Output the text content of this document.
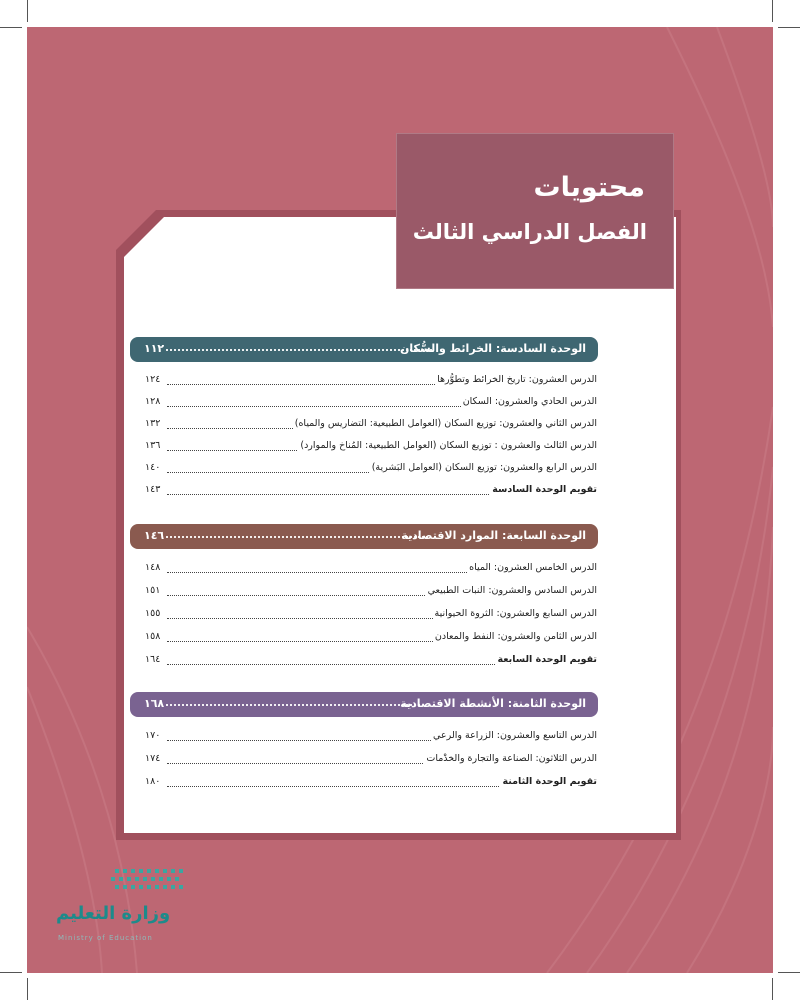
محتويات
الفصل الدراسي الثالث
١١٢	الوحدة السادسة: الخرائط والسُّكان
١٢٤	الدرس العشرون: تاريخ الخرائط وتطوُّرها
١٢٨	الدرس الحادي والعشرون: السكان
١٣٢	الدرس الثاني والعشرون: توزيع السكان (العوامل الطبيعية: التضاريس والمياه)
١٣٦	الدرس الثالث والعشرون : توزيع السكان (العوامل الطبيعية: المُناخ والموارد)
١٤٠	الدرس الرابع والعشرون: توزيع السكان (العوامل البَشرية)
١٤٣	تقويم الوحدة السادسة
١٤٦	الوحدة السابعة: الموارد الاقتصادية
١٤٨	الدرس الخامس العشرون: المياه
١٥١	الدرس السادس والعشرون: النبات الطبيعي
١٥٥	الدرس السابع والعشرون: الثروة الحيوانية
١٥٨	الدرس الثامن والعشرون: النفط والمعادن
١٦٤	تقويم الوحدة السابعة
١٦٨	الوحدة الثامنة: الأنشطة الاقتصادية
١٧٠	الدرس التاسع والعشرون: الزراعة والرعي
١٧٤	الدرس الثلاثون: الصناعة والتجارة والخدْمات
١٨٠	تقويم الوحدة الثامنة
وزارة التعليم
Ministry of Education
